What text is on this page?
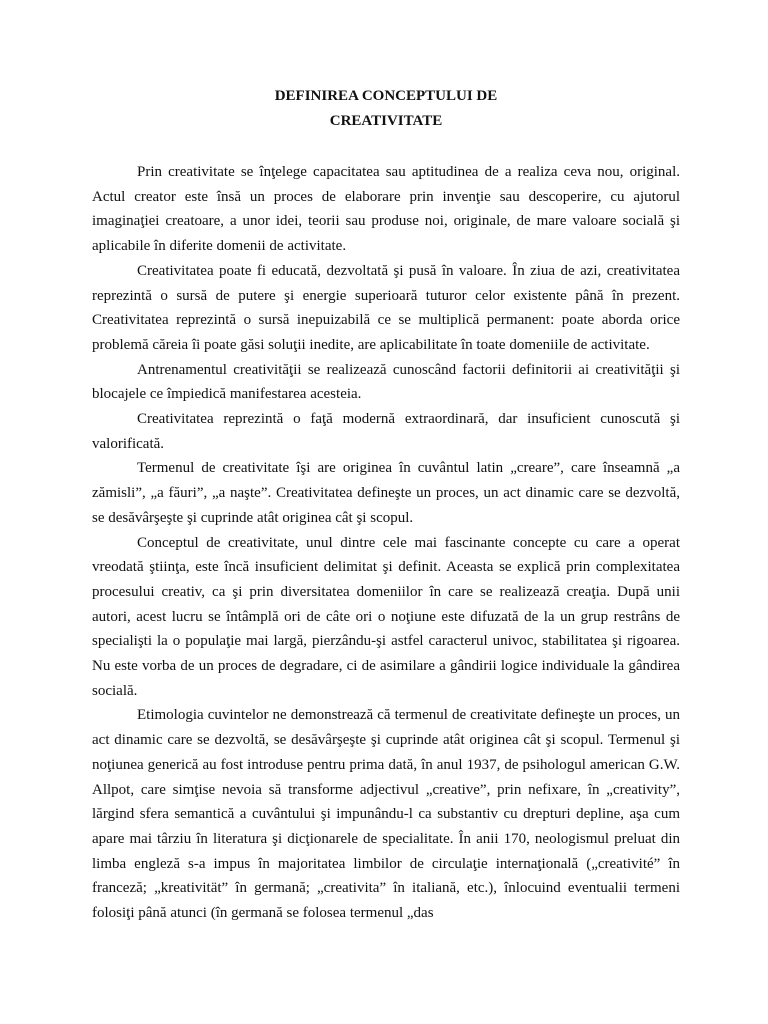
DEFINIREA CONCEPTULUI DE
CREATIVITATE

Prin creativitate se înţelege capacitatea sau aptitudinea de a realiza ceva nou, original. Actul creator este însă un proces de elaborare prin invenţie sau descoperire, cu ajutorul imaginaţiei creatoare, a unor idei, teorii sau produse noi, originale, de mare valoare socială şi aplicabile în diferite domenii de activitate.

Creativitatea poate fi educată, dezvoltată şi pusă în valoare. În ziua de azi, creativitatea reprezintă o sursă de putere şi energie superioară tuturor celor existente până în prezent. Creativitatea reprezintă o sursă inepuizabilă ce se multiplică permanent: poate aborda orice problemă căreia îi poate găsi soluţii inedite, are aplicabilitate în toate domeniile de activitate.

Antrenamentul creativităţii se realizează cunoscând factorii definitorii ai creativităţii şi blocajele ce împiedică manifestarea acesteia.

Creativitatea reprezintă o faţă modernă extraordinară, dar insuficient cunoscută şi valorificată.

Termenul de creativitate îşi are originea în cuvântul latin „creare”, care înseamnă „a zămisli”, „a făuri”, „a naşte”. Creativitatea defineşte un proces, un act dinamic care se dezvoltă, se desăvârşeşte şi cuprinde atât originea cât şi scopul.

Conceptul de creativitate, unul dintre cele mai fascinante concepte cu care a operat vreodată ştiinţa, este încă insuficient delimitat şi definit. Aceasta se explică prin complexitatea procesului creativ, ca şi prin diversitatea domeniilor în care se realizează creaţia. După unii autori, acest lucru se întâmplă ori de câte ori o noţiune este difuzată de la un grup restrâns de specialişti la o populaţie mai largă, pierzându-şi astfel caracterul univoc, stabilitatea şi rigoarea. Nu este vorba de un proces de degradare, ci de asimilare a gândirii logice individuale la gândirea socială.

Etimologia cuvintelor ne demonstrează că termenul de creativitate defineşte un proces, un act dinamic care se dezvoltă, se desăvârşeşte şi cuprinde atât originea cât şi scopul. Termenul şi noţiunea generică au fost introduse pentru prima dată, în anul 1937, de psihologul american G.W. Allpot, care simţise nevoia să transforme adjectivul „creative”, prin nefixare, în „creativity”, lărgind sfera semantică a cuvântului şi impunându-l ca substantiv cu drepturi depline, aşa cum apare mai târziu în literatura şi dicţionarele de specialitate. În anii 170, neologismul preluat din limba engleză s-a impus în majoritatea limbilor de circulaţie internaţională („creativité” în franceză; „kreativität” în germană; „creativita” în italiană, etc.), înlocuind eventualii termeni folosiţi până atunci (în germană se folosea termenul „das
